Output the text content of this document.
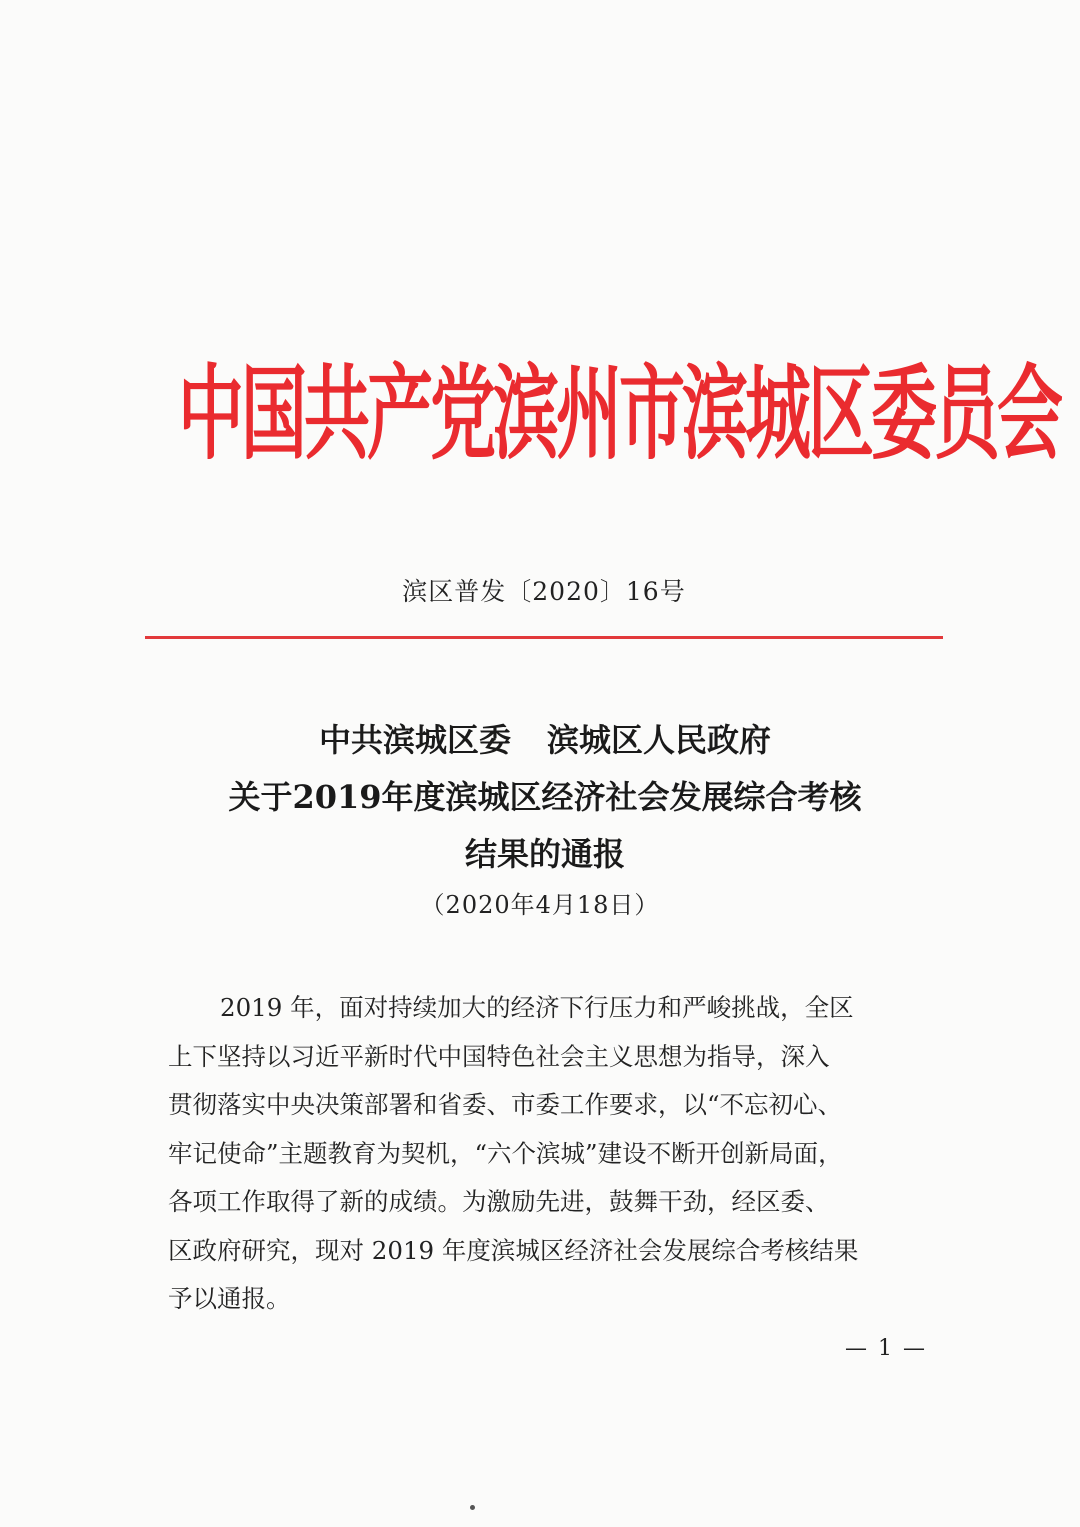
中国共产党滨州市滨城区委员会
滨区普发〔2020〕16号
中共滨城区委 滨城区人民政府
关于2019年度滨城区经济社会发展综合考核
结果的通报
（2020年4月18日）

2019 年，面对持续加大的经济下行压力和严峻挑战，全区
上下坚持以习近平新时代中国特色社会主义思想为指导，深入
贯彻落实中央决策部署和省委、市委工作要求，以“不忘初心、
牢记使命”主题教育为契机，“六个滨城”建设不断开创新局面，
各项工作取得了新的成绩。为激励先进，鼓舞干劲，经区委、
区政府研究，现对 2019 年度滨城区经济社会发展综合考核结果
予以通报。

— 1 —
